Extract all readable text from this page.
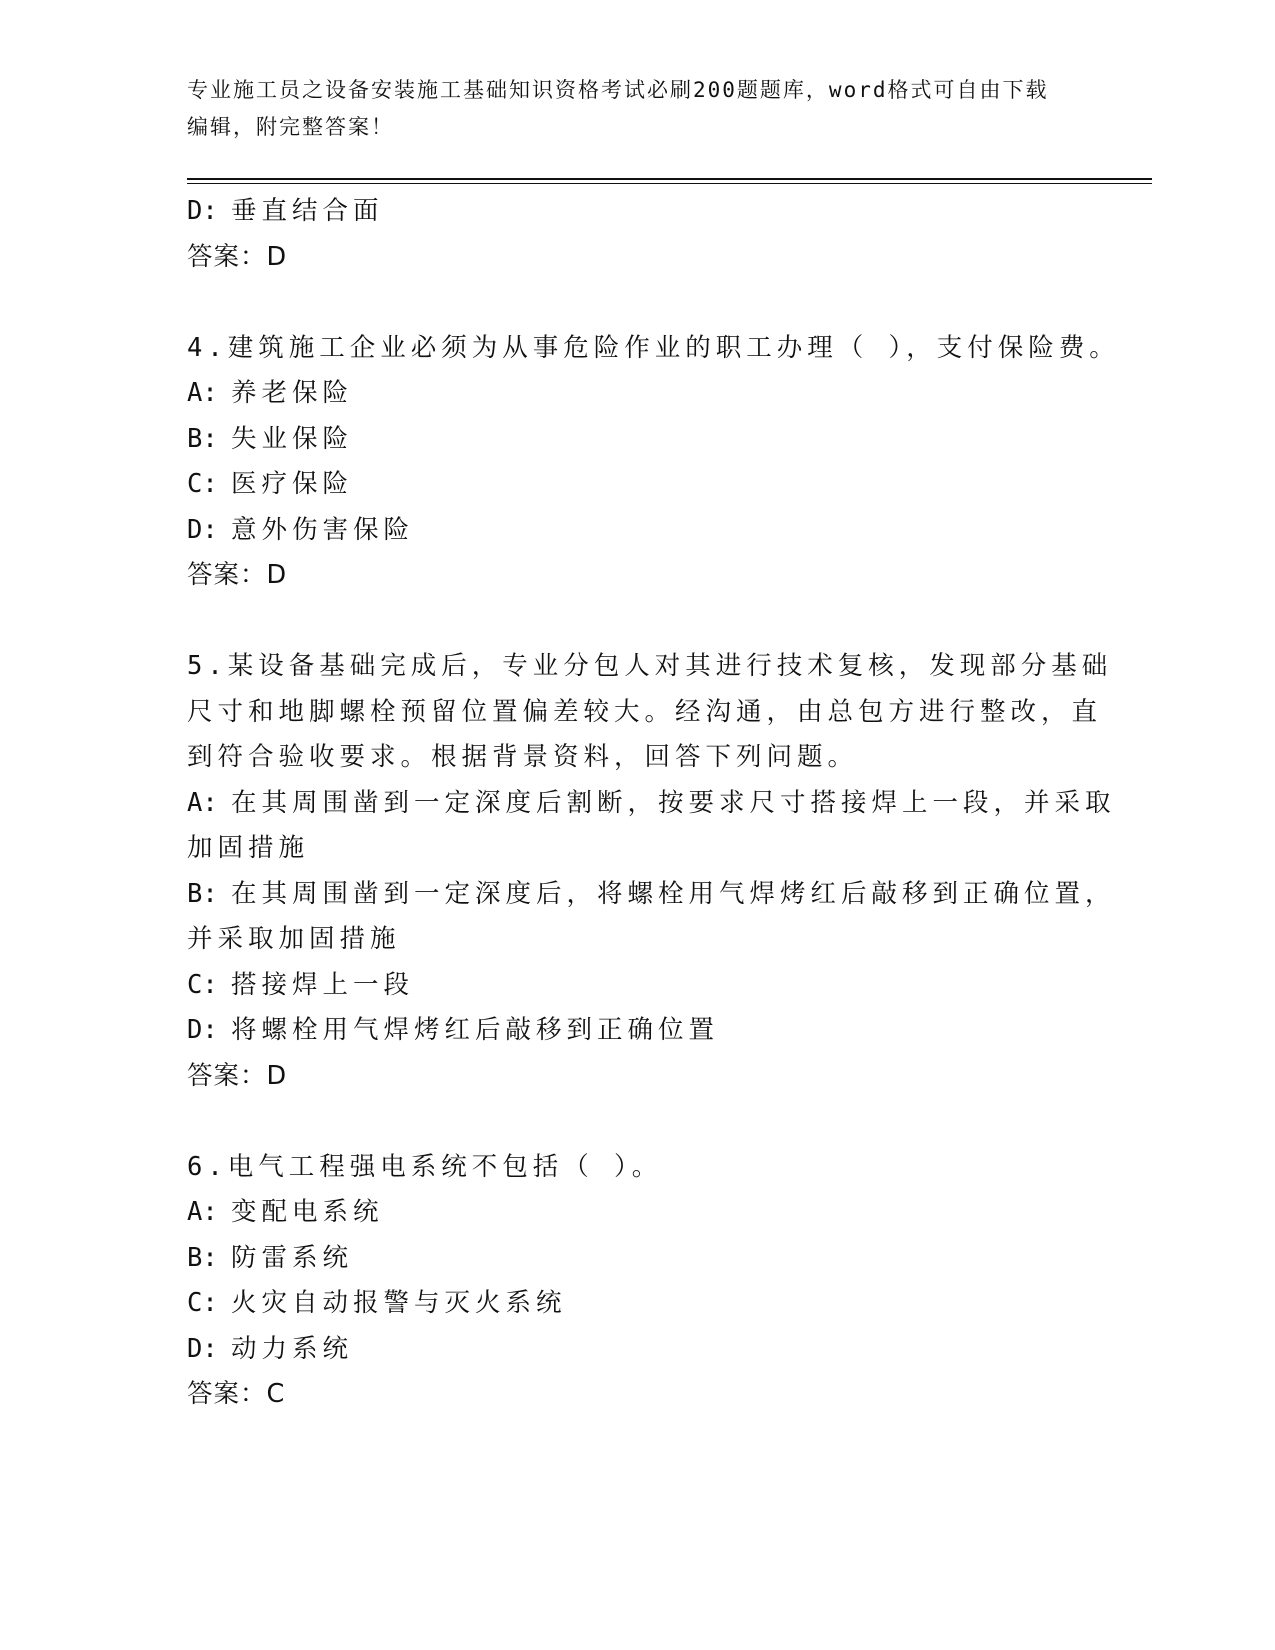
专业施工员之设备安装施工基础知识资格考试必刷200题题库，word格式可自由下载编辑，附完整答案！
D: 垂直结合面
答案：D
4.建筑施工企业必须为从事危险作业的职工办理（ ），支付保险费。
A: 养老保险
B: 失业保险
C: 医疗保险
D: 意外伤害保险
答案：D
5.某设备基础完成后，专业分包人对其进行技术复核，发现部分基础
尺寸和地脚螺栓预留位置偏差较大。经沟通，由总包方进行整改，直
到符合验收要求。根据背景资料，回答下列问题。
A: 在其周围凿到一定深度后割断，按要求尺寸搭接焊上一段，并采取
加固措施
B: 在其周围凿到一定深度后，将螺栓用气焊烤红后敲移到正确位置，
并采取加固措施
C: 搭接焊上一段
D: 将螺栓用气焊烤红后敲移到正确位置
答案：D
6.电气工程强电系统不包括（ ）。
A: 变配电系统
B: 防雷系统
C: 火灾自动报警与灭火系统
D: 动力系统
答案：C
